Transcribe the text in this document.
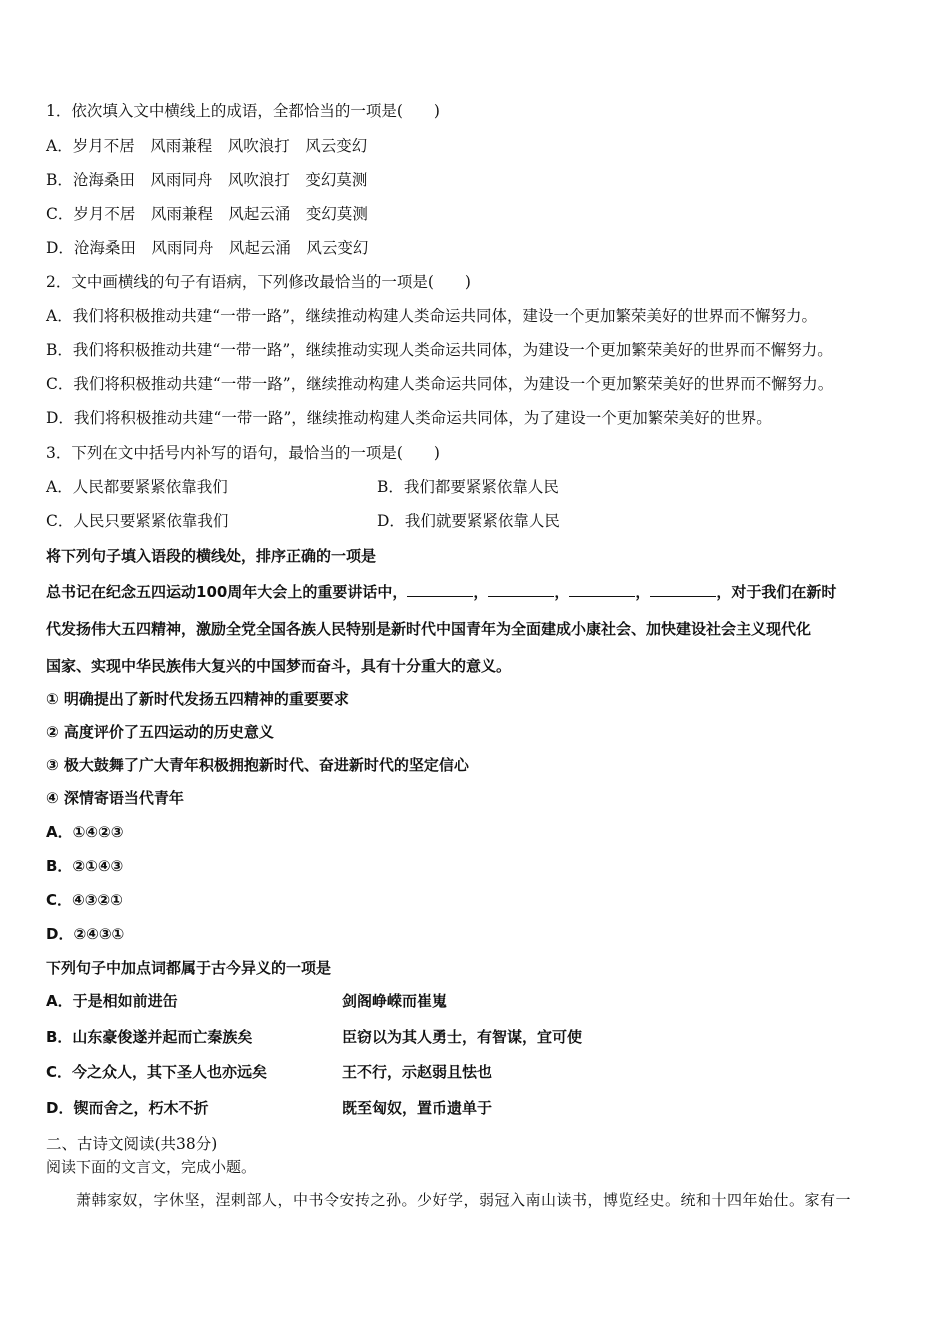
1．依次填入文中横线上的成语，全都恰当的一项是(　　)
A．岁月不居　风雨兼程　风吹浪打　风云变幻
B．沧海桑田　风雨同舟　风吹浪打　变幻莫测
C．岁月不居　风雨兼程　风起云涌　变幻莫测
D．沧海桑田　风雨同舟　风起云涌　风云变幻
2．文中画横线的句子有语病，下列修改最恰当的一项是(　　)
A．我们将积极推动共建“一带一路”，继续推动构建人类命运共同体，建设一个更加繁荣美好的世界而不懈努力。
B．我们将积极推动共建“一带一路”，继续推动实现人类命运共同体，为建设一个更加繁荣美好的世界而不懈努力。
C．我们将积极推动共建“一带一路”，继续推动构建人类命运共同体，为建设一个更加繁荣美好的世界而不懈努力。
D．我们将积极推动共建“一带一路”，继续推动构建人类命运共同体，为了建设一个更加繁荣美好的世界。
3．下列在文中括号内补写的语句，最恰当的一项是(　　)
A．人民都要紧紧依靠我们	B．我们都要紧紧依靠人民
C．人民只要紧紧依靠我们	D．我们就要紧紧依靠人民
将下列句子填入语段的横线处，排序正确的一项是
总书记在纪念五四运动100周年大会上的重要讲话中，	，	，	，	，对于我们在新时
代发扬伟大五四精神，激励全党全国各族人民特别是新时代中国青年为全面建成小康社会、加快建设社会主义现代化
国家、实现中华民族伟大复兴的中国梦而奋斗，具有十分重大的意义。
① 明确提出了新时代发扬五四精神的重要要求
② 高度评价了五四运动的历史意义
③ 极大鼓舞了广大青年积极拥抱新时代、奋进新时代的坚定信心
④ 深情寄语当代青年
A．①④②③
B．②①④③
C．④③②①
D．②④③①
下列句子中加点词都属于古今异义的一项是
A．于是相如前进缶	剑阁峥嵘而崔嵬
B．山东豪俊遂并起而亡秦族矣	臣窃以为其人勇士，有智谋，宜可使
C．今之众人，其下圣人也亦远矣	王不行，示赵弱且怯也
D．锲而舍之，朽木不折	既至匈奴，置币遗单于
二、古诗文阅读(共38分)
阅读下面的文言文，完成小题。
萧韩家奴，字休坚，涅剌部人，中书令安抟之孙。少好学，弱冠入南山读书，博览经史。统和十四年始仕。家有一
